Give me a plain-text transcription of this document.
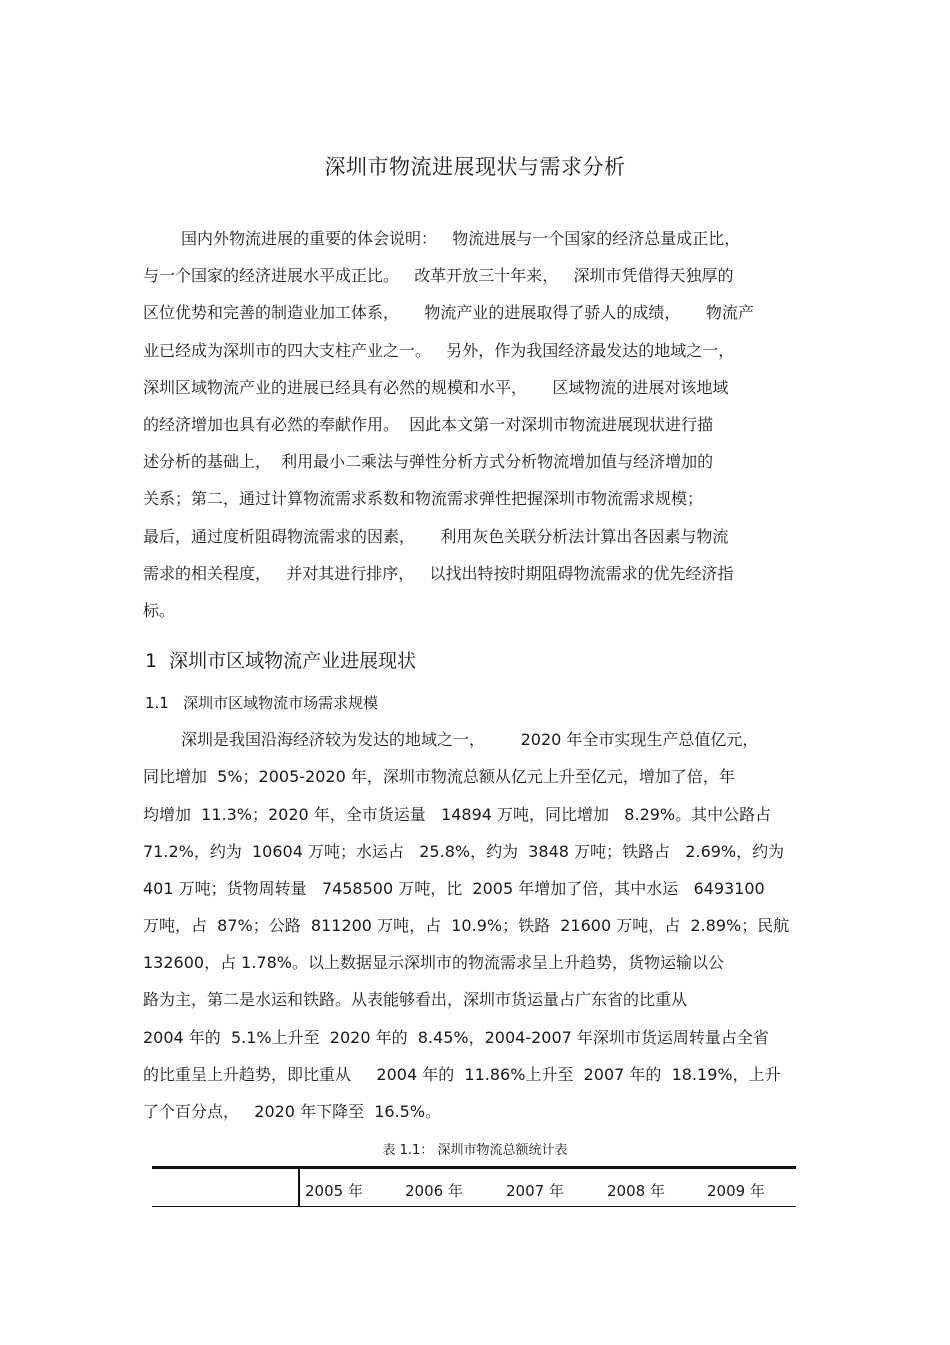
深圳市物流进展现状与需求分析
国内外物流进展的重要的体会说明：   物流进展与一个国家的经济总量成正比，
与一个国家的经济进展水平成正比。   改革开放三十年来，   深圳市凭借得天独厚的
区位优势和完善的制造业加工体系，     物流产业的进展取得了骄人的成绩，     物流产
业已经成为深圳市的四大支柱产业之一。   另外，作为我国经济最发达的地域之一，
深圳区域物流产业的进展已经具有必然的规模和水平，     区域物流的进展对该地域
的经济增加也具有必然的奉献作用。  因此本文第一对深圳市物流进展现状进行描
述分析的基础上，  利用最小二乘法与弹性分析方式分析物流增加值与经济增加的
关系；第二，通过计算物流需求系数和物流需求弹性把握深圳市物流需求规模；
最后，通过度析阻碍物流需求的因素，     利用灰色关联分析法计算出各因素与物流
需求的相关程度，   并对其进行排序，   以找出特按时期阻碍物流需求的优先经济指
标。
1  深圳市区域物流产业进展现状
1.1   深圳市区域物流市场需求规模
深圳是我国沿海经济较为发达的地域之一，       2020 年全市实现生产总值亿元，
同比增加  5%；2005-2020 年，深圳市物流总额从亿元上升至亿元，增加了倍，年
均增加  11.3%；2020 年，全市货运量   14894 万吨，同比增加   8.29%。其中公路占
71.2%，约为  10604 万吨；水运占   25.8%，约为  3848 万吨；铁路占   2.69%，约为
401 万吨；货物周转量   7458500 万吨，比  2005 年增加了倍，其中水运   6493100
万吨，占  87%；公路  811200 万吨，占  10.9%；铁路  21600 万吨，占  2.89%；民航
132600，占 1.78%。以上数据显示深圳市的物流需求呈上升趋势，货物运输以公
路为主，第二是水运和铁路。从表能够看出，深圳市货运量占广东省的比重从
2004 年的  5.1%上升至  2020 年的  8.45%，2004-2007 年深圳市货运周转量占全省
的比重呈上升趋势，即比重从     2004 年的  11.86%上升至  2007 年的  18.19%，上升
了个百分点，   2020 年下降至  16.5%。
表 1.1： 深圳市物流总额统计表
2005 年	2006 年	2007 年	2008 年	2009 年
